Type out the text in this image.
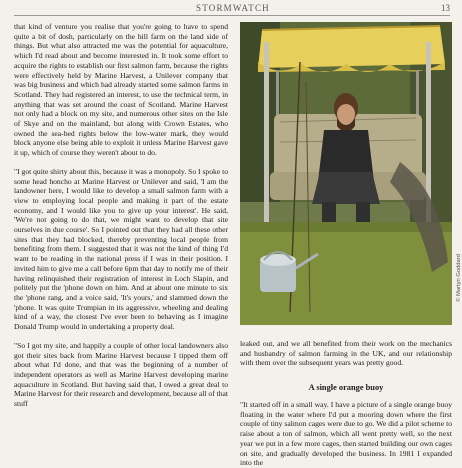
STORMWATCH	13

that kind of venture you realise that you're going to have to spend quite a bit of dosh, particularly on the hill farm on the land side of things. But what also attracted me was the potential for aquaculture, which I'd read about and become interested in. It took some effort to acquire the rights to establish our first salmon farm, because the rights were effectively held by Marine Harvest, a Unilever company that was big business and which had already started some salmon farms in Scotland. They had registered an interest, to use the technical term, in anything that was set around the coast of Scotland. Marine Harvest not only had a block on my site, and numerous other sites on the Isle of Skye and on the mainland, but along with Crown Estates, who owned the sea-bed rights below the low-water mark, they would block anyone else being able to exploit it unless Marine Harvest gave it up, which of course they weren't about to do.

"I got quite shirty about this, because it was a monopoly. So I spoke to some head honcho at Marine Harvest or Unilever and said, 'I am the landowner here, I would like to develop a small salmon farm with a view to employing local people and making it part of the estate economy, and I would like you to give up your interest'. He said, 'We're not going to do that, we might want to develop that site ourselves in due course'. So I pointed out that they had all these other sites that they had blocked, thereby preventing local people from benefiting from them. I suggested that it was not the kind of thing I'd want to be reading in the national press if I was in their position. I invited him to give me a call before 6pm that day to notify me of their having relinquished their registration of interest in Loch Slapin, and politely put the 'phone down on him. And at about one minute to six the 'phone rang, and a voice said, 'It's yours,' and slammed down the 'phone. It was quite Trumpian in its aggressive, wheeling and dealing kind of a way, the closest I've ever been to behaving as I imagine Donald Trump would in undertaking a property deal.

"So I got my site, and happily a couple of other local landowners also got their sites back from Marine Harvest because I tipped them off about what I'd done, and that was the beginning of a number of independent operators as well as Marine Harvest developing marine aquaculture in Scotland. But having said that, I owed a great deal to Marine Harvest for their research and development, because all of that stuff

© Martyn Goddard
leaked out, and we all benefited from their work on the mechanics and husbandry of salmon farming in the UK, and our relationship with them over the subsequent years was pretty good.
A single orange buoy
"It started off in a small way. I have a picture of a single orange buoy floating in the water where I'd put a mooring down where the first couple of tiny salmon cages were due to go. We did a pilot scheme to raise about a ton of salmon, which all went pretty well, so the next year we put in a few more cages, then started building our own cages on site, and gradually developed the business. In 1981 I expanded into the
